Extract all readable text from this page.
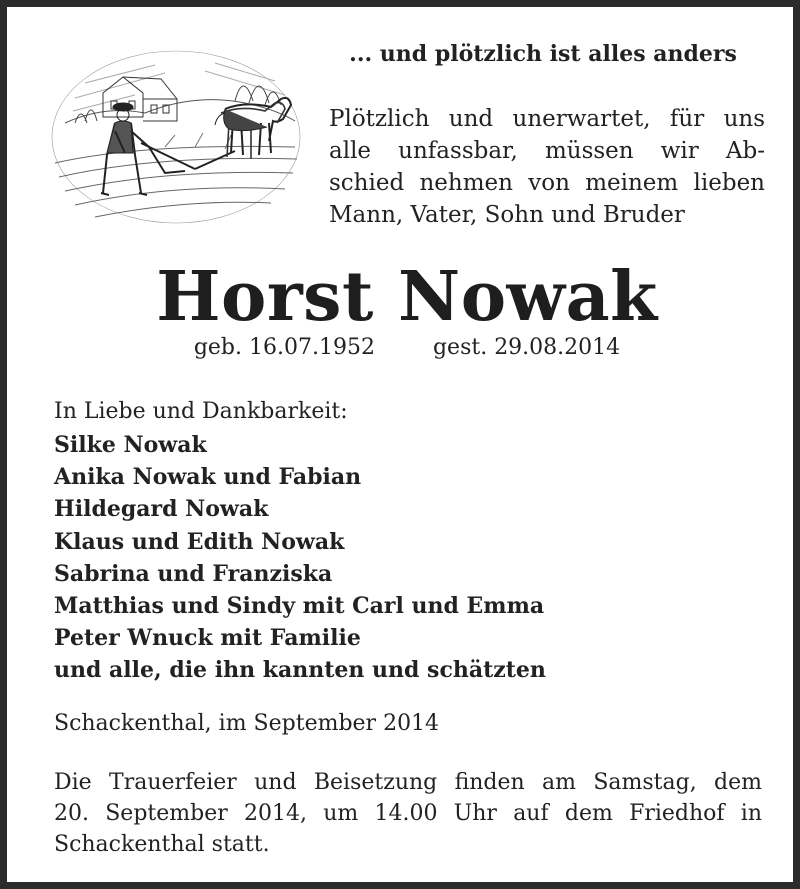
... und plötzlich ist alles anders
Plötzlich und unerwartet, für uns
alle unfassbar, müssen wir Ab-
schied nehmen von meinem lieben
Mann, Vater, Sohn und Bruder
Horst Nowak
geb. 16.07.1952	gest. 29.08.2014
In Liebe und Dankbarkeit:
Silke Nowak
Anika Nowak und Fabian
Hildegard Nowak
Klaus und Edith Nowak
Sabrina und Franziska
Matthias und Sindy mit Carl und Emma
Peter Wnuck mit Familie
und alle, die ihn kannten und schätzten
Schackenthal, im September 2014
Die Trauerfeier und Beisetzung finden am Samstag, dem
20. September 2014, um 14.00 Uhr auf dem Friedhof in
Schackenthal statt.
